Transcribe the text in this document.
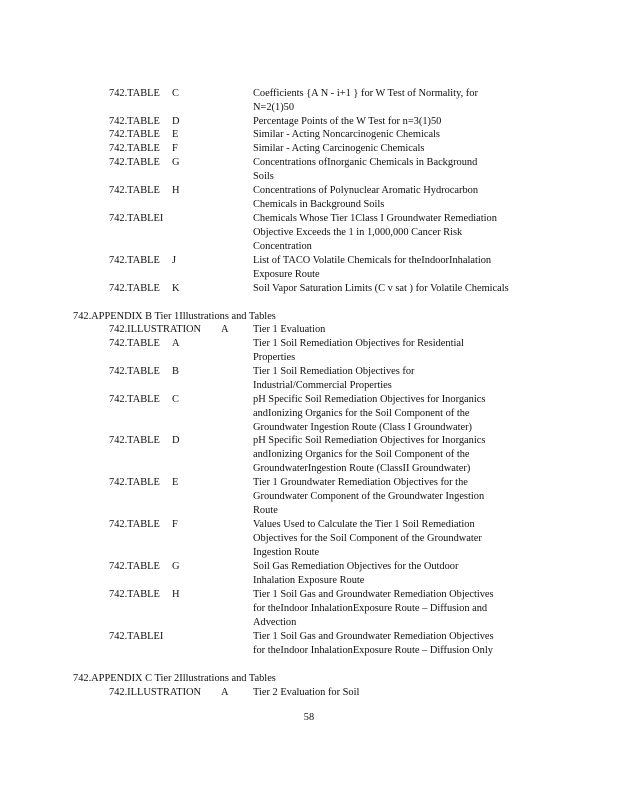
742.TABLE C	Coefficients {A N - i+1 } for W Test of Normality, for
N=2(1)50
742.TABLE D	Percentage Points of the W Test for n=3(1)50
742.TABLE E	Similar - Acting Noncarcinogenic Chemicals
742.TABLE F	Similar - Acting Carcinogenic Chemicals
742.TABLE G	Concentrations ofInorganic Chemicals in Background
Soils
742.TABLE H	Concentrations of Polynuclear Aromatic Hydrocarbon
Chemicals in Background Soils
742.TABLEI	Chemicals Whose Tier 1Class I Groundwater Remediation
Objective Exceeds the 1 in 1,000,000 Cancer Risk
Concentration
742.TABLE J	List of TACO Volatile Chemicals for theIndoorInhalation
Exposure Route
742.TABLE K	Soil Vapor Saturation Limits (C v sat ) for Volatile Chemicals
742.APPENDIX B Tier 1Illustrations and Tables
742.ILLUSTRATION A Tier 1 Evaluation
742.TABLE A	Tier 1 Soil Remediation Objectives for Residential
Properties
742.TABLE B	Tier 1 Soil Remediation Objectives for
Industrial/Commercial Properties
742.TABLE C	pH Specific Soil Remediation Objectives for Inorganics
andIonizing Organics for the Soil Component of the
Groundwater Ingestion Route (Class I Groundwater)
742.TABLE D	pH Specific Soil Remediation Objectives for Inorganics
andIonizing Organics for the Soil Component of the
GroundwaterIngestion Route (ClassII Groundwater)
742.TABLE E	Tier 1 Groundwater Remediation Objectives for the
Groundwater Component of the Groundwater Ingestion
Route
742.TABLE F	Values Used to Calculate the Tier 1 Soil Remediation
Objectives for the Soil Component of the Groundwater
Ingestion Route
742.TABLE G	Soil Gas Remediation Objectives for the Outdoor
Inhalation Exposure Route
742.TABLE H	Tier 1 Soil Gas and Groundwater Remediation Objectives
for theIndoor InhalationExposure Route – Diffusion and
Advection
742.TABLEI	Tier 1 Soil Gas and Groundwater Remediation Objectives
for theIndoor InhalationExposure Route – Diffusion Only
742.APPENDIX C Tier 2Illustrations and Tables
742.ILLUSTRATION A Tier 2 Evaluation for Soil
58
